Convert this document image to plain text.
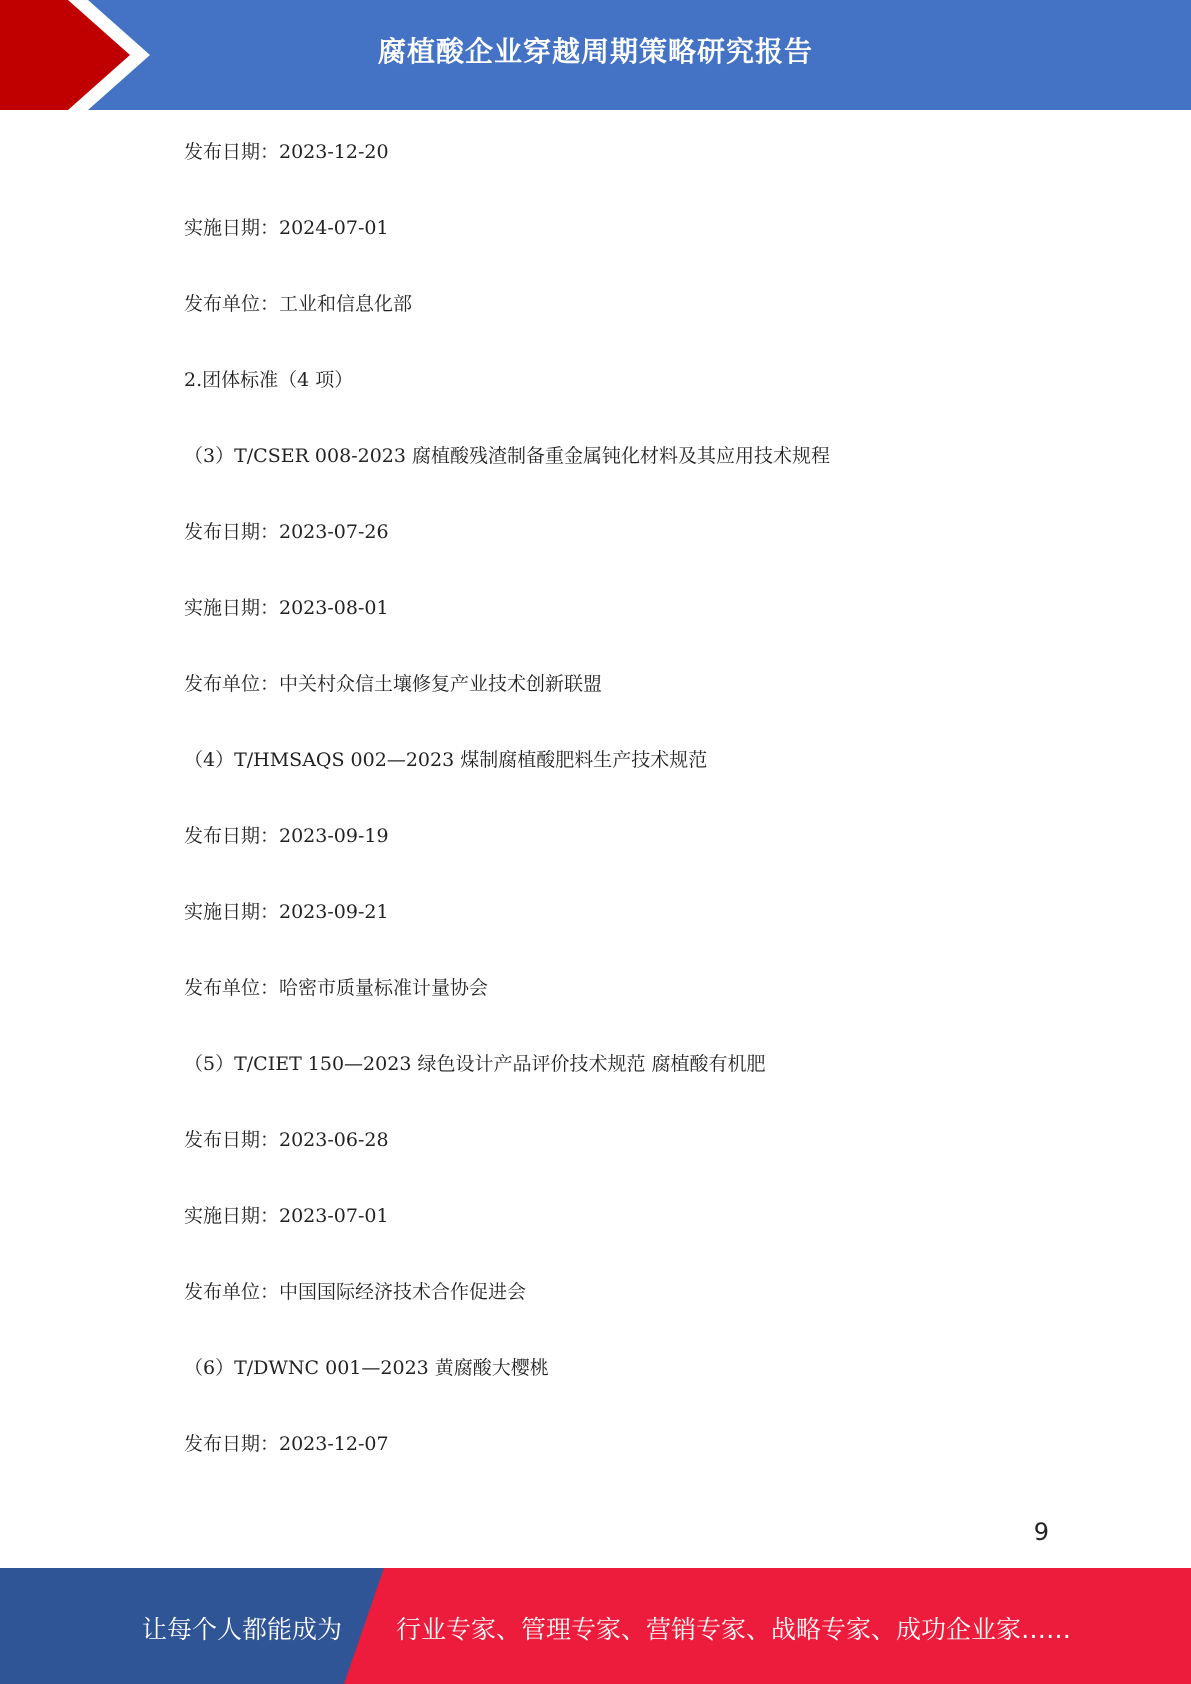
腐植酸企业穿越周期策略研究报告
发布日期：2023-12-20
实施日期：2024-07-01
发布单位：工业和信息化部
2.团体标准（4 项）
（3）T/CSER 008-2023 腐植酸残渣制备重金属钝化材料及其应用技术规程
发布日期：2023-07-26
实施日期：2023-08-01
发布单位：中关村众信土壤修复产业技术创新联盟
（4）T/HMSAQS 002—2023 煤制腐植酸肥料生产技术规范
发布日期：2023-09-19
实施日期：2023-09-21
发布单位：哈密市质量标准计量协会
（5）T/CIET 150—2023 绿色设计产品评价技术规范 腐植酸有机肥
发布日期：2023-06-28
实施日期：2023-07-01
发布单位：中国国际经济技术合作促进会
（6）T/DWNC 001—2023 黄腐酸大樱桃
发布日期：2023-12-07
9
让每个人都能成为 行业专家、管理专家、营销专家、战略专家、成功企业家……
